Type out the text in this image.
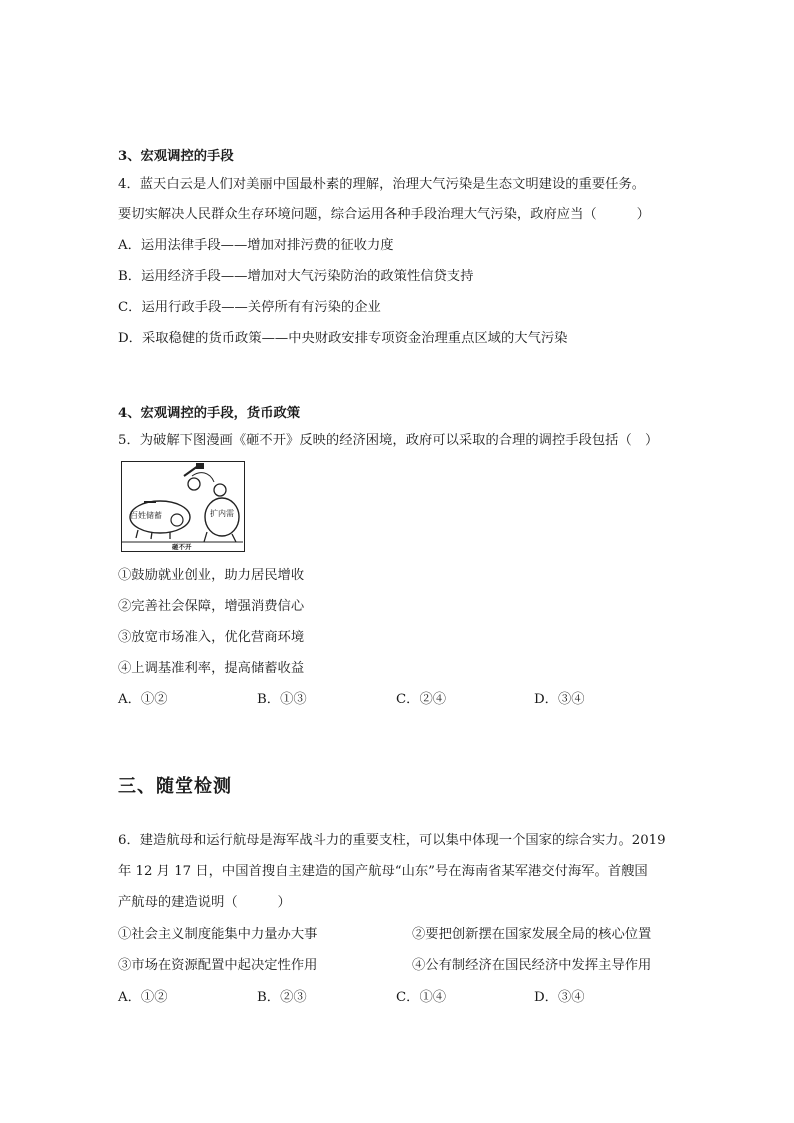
3、宏观调控的手段
4．蓝天白云是人们对美丽中国最朴素的理解，治理大气污染是生态文明建设的重要任务。
要切实解决人民群众生存环境问题，综合运用各种手段治理大气污染，政府应当（　　　）
A．运用法律手段——增加对排污费的征收力度
B．运用经济手段——增加对大气污染防治的政策性信贷支持
C．运用行政手段——关停所有有污染的企业
D．采取稳健的货币政策——中央财政安排专项资金治理重点区域的大气污染
4、宏观调控的手段，货币政策
5．为破解下图漫画《砸不开》反映的经济困境，政府可以采取的合理的调控手段包括（　）
百姓储蓄	扩内需
砸不开
①鼓励就业创业，助力居民增收
②完善社会保障，增强消费信心
③放宽市场准入，优化营商环境
④上调基准利率，提高储蓄收益
A．①②	B．①③	C．②④	D．③④
三、随堂检测
6．建造航母和运行航母是海军战斗力的重要支柱，可以集中体现一个国家的综合实力。2019
年 12 月 17 日，中国首搜自主建造的国产航母“山东”号在海南省某军港交付海军。首艘国
产航母的建造说明（　　　）
①社会主义制度能集中力量办大事	②要把创新摆在国家发展全局的核心位置
③市场在资源配置中起决定性作用	④公有制经济在国民经济中发挥主导作用
A．①②	B．②③	C．①④	D．③④
